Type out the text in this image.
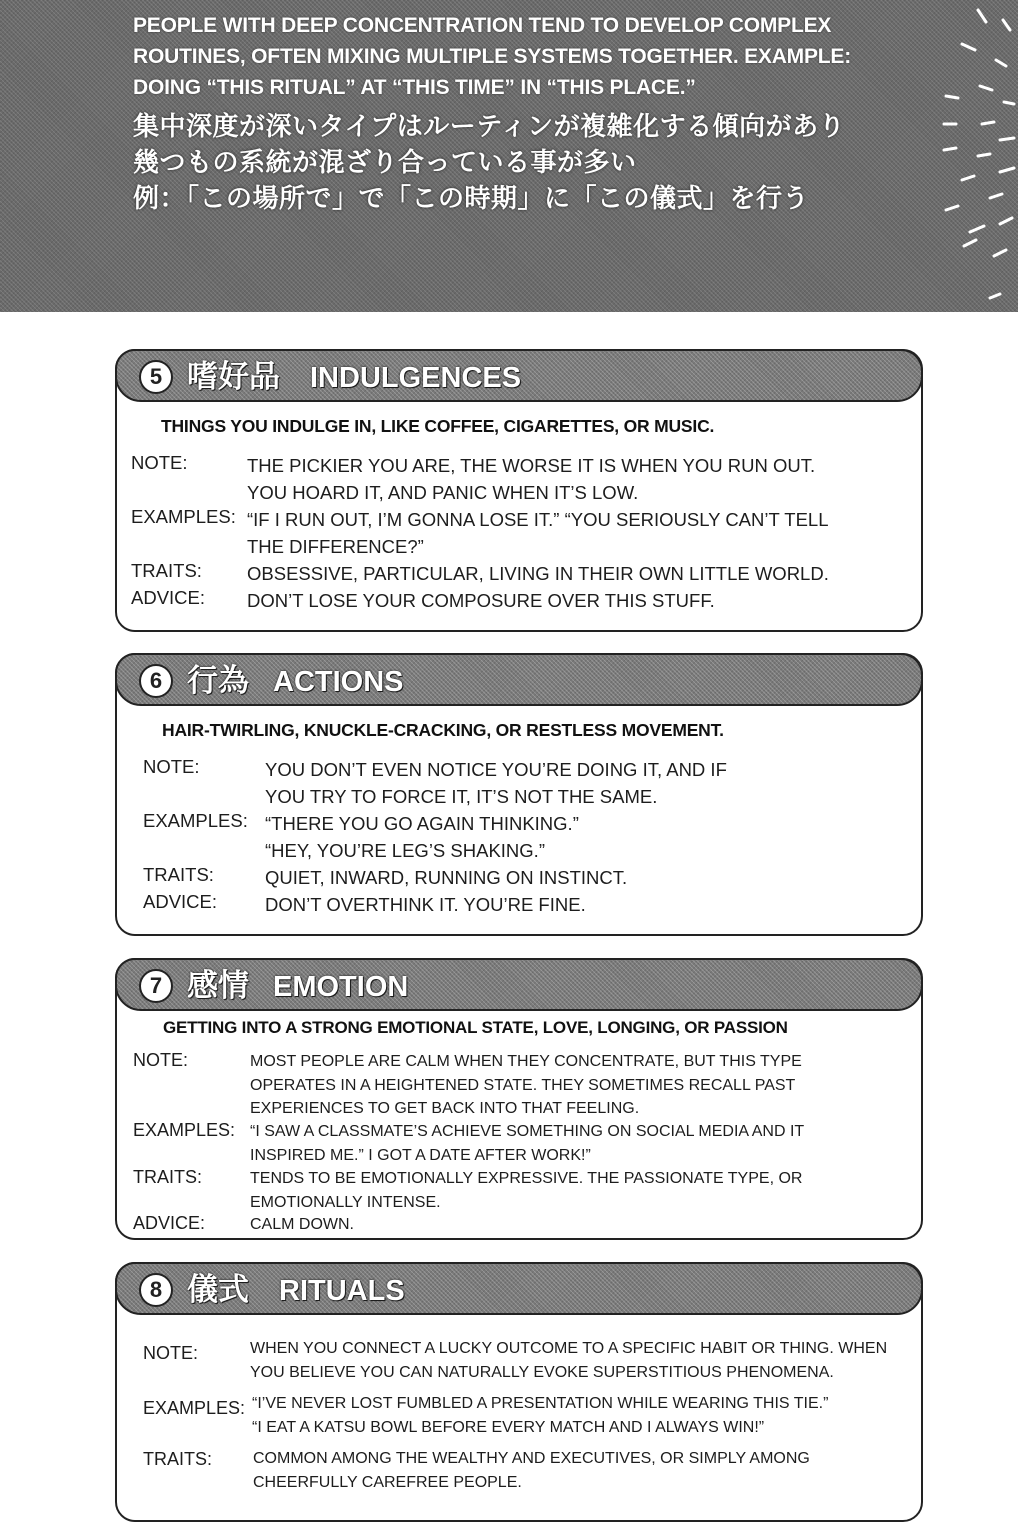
PEOPLE WITH DEEP CONCENTRATION TEND TO DEVELOP COMPLEX
ROUTINES, OFTEN MIXING MULTIPLE SYSTEMS TOGETHER. EXAMPLE:
DOING “THIS RITUAL” AT “THIS TIME” IN “THIS PLACE.”
集中深度が深いタイプはルーティンが複雑化する傾向があり
幾つもの系統が混ざり合っている事が多い
例：「この場所で」で「この時期」に「この儀式」を行う
5 嗜好品 INDULGENCES
THINGS YOU INDULGE IN, LIKE COFFEE, CIGARETTES, OR MUSIC.
NOTE:	THE PICKIER YOU ARE, THE WORSE IT IS WHEN YOU RUN OUT.
YOU HOARD IT, AND PANIC WHEN IT’S LOW.
EXAMPLES: “IF I RUN OUT, I’M GONNA LOSE IT.” “YOU SERIOUSLY CAN’T TELL
THE DIFFERENCE?”
TRAITS: OBSESSIVE, PARTICULAR, LIVING IN THEIR OWN LITTLE WORLD.
ADVICE: DON’T LOSE YOUR COMPOSURE OVER THIS STUFF.
6 行為 ACTIONS
HAIR-TWIRLING, KNUCKLE-CRACKING, OR RESTLESS MOVEMENT.
NOTE:	YOU DON’T EVEN NOTICE YOU’RE DOING IT, AND IF
YOU TRY TO FORCE IT, IT’S NOT THE SAME.
EXAMPLES: “THERE YOU GO AGAIN THINKING.”
“HEY, YOU’RE LEG’S SHAKING.”
TRAITS:	QUIET, INWARD, RUNNING ON INSTINCT.
ADVICE:	DON’T OVERTHINK IT. YOU’RE FINE.
7 感情 EMOTION
GETTING INTO A STRONG EMOTIONAL STATE, LOVE, LONGING, OR PASSION
NOTE:	MOST PEOPLE ARE CALM WHEN THEY CONCENTRATE, BUT THIS TYPE
OPERATES IN A HEIGHTENED STATE. THEY SOMETIMES RECALL PAST
EXPERIENCES TO GET BACK INTO THAT FEELING.
EXAMPLES: “I SAW A CLASSMATE’S ACHIEVE SOMETHING ON SOCIAL MEDIA AND IT
INSPIRED ME.” I GOT A DATE AFTER WORK!”
TRAITS:	TENDS TO BE EMOTIONALLY EXPRESSIVE. THE PASSIONATE TYPE, OR
EMOTIONALLY INTENSE.
ADVICE:	CALM DOWN.
8 儀式 RITUALS
NOTE:	WHEN YOU CONNECT A LUCKY OUTCOME TO A SPECIFIC HABIT OR THING. WHEN
YOU BELIEVE YOU CAN NATURALLY EVOKE SUPERSTITIOUS PHENOMENA.
EXAMPLES: “I’VE NEVER LOST FUMBLED A PRESENTATION WHILE WEARING THIS TIE.”
“I EAT A KATSU BOWL BEFORE EVERY MATCH AND I ALWAYS WIN!”
TRAITS:	COMMON AMONG THE WEALTHY AND EXECUTIVES, OR SIMPLY AMONG
CHEERFULLY CAREFREE PEOPLE.
